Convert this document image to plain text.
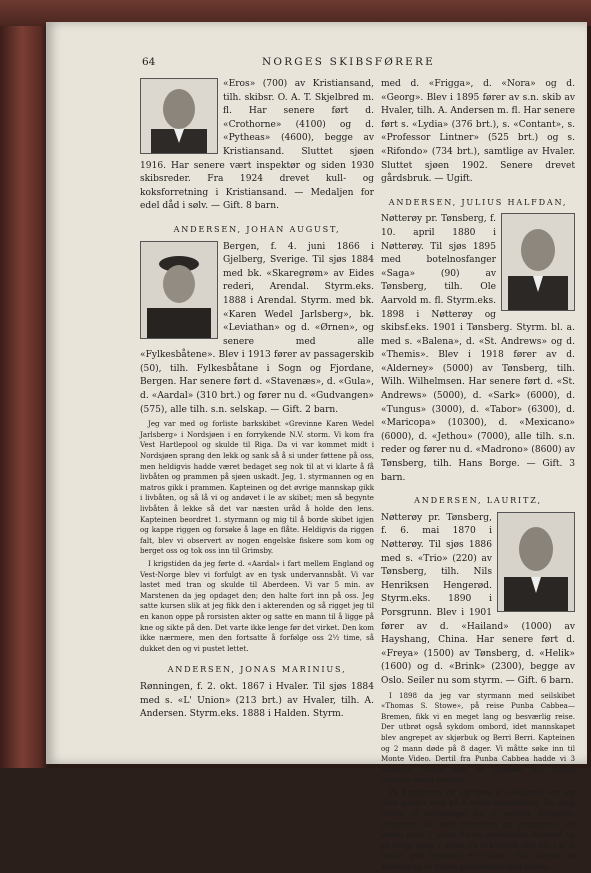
64	NORGES SKIBSFØRERE

«Eros» (700) av Kristiansand, tilh. skibsr. O. A. T. Skjelbred m. fl. Har senere ført d. «Crothorne» (4100) og d. «Pytheas» (4600), begge av Kristiansand. Sluttet sjøen 1916. Har senere vært inspektør og siden 1930 skibsreder. Fra 1924 drevet kull- og koksforretning i Kristiansand. — Medaljen for edel dåd i sølv. — Gift. 8 barn.

ANDERSEN, JOHAN AUGUST,

Bergen, f. 4. juni 1866 i Gjelberg, Sverige. Til sjøs 1884 med bk. «Skaregrøm» av Eides rederi, Arendal. Styrm.eks. 1888 i Arendal. Styrm. med bk. «Karen Wedel Jarlsberg», bk. «Leviathan» og d. «Ørnen», og senere med alle «Fylkesbåtene». Blev i 1913 fører av passagerskib (50), tilh. Fylkesbåtane i Sogn og Fjordane, Bergen. Har senere ført d. «Stavenæs», d. «Gula», d. «Aardal» (310 brt.) og fører nu d. «Gudvangen» (575), alle tilh. s.n. selskap. — Gift. 2 barn.

Jeg var med og forliste barkskibet «Grevinne Karen Wedel Jarlsberg» i Nordsjøen i en forrykende N.V. storm. Vi kom fra Vest Hartlepool og skulde til Riga. Da vi var kommet midt i Nordsjøen sprang den lekk og sank så å si under føttene på oss, men heldigvis hadde været bedaget seg nok til at vi klarte å få livbåten og prammen på sjøen uskadt. Jeg, 1. styrmannen og en matros gikk i prammen. Kapteinen og det øvrige mannskap gikk i livbåten, og så lå vi og andøvet i le av skibet; men så begynte livbåten å lekke så det var næsten uråd å holde den lens. Kapteinen beordret 1. styrmann og mig til å borde skibet igjen og kappe riggen og forsøke å lage en flåte. Heldigvis da riggen falt, blev vi observert av nogen engelske fiskere som kom og berget oss og tok oss inn til Grimsby.

I krigstiden da jeg førte d. «Aardal» i fart mellem England og Vest-Norge blev vi forfulgt av en tysk undervannsbåt. Vi var lastet med tran og skulde til Aberdeen. Vi var 5 min. av Marstenen da jeg opdaget den; den halte fort inn på oss. Jeg satte kursen slik at jeg fikk den i akterenden og så rigget jeg til en kanon oppe på rorsisten akter og satte en mann til å ligge på kne og sikte på den. Det varte ikke lenge før det virket. Den kom ikke nærmere, men den fortsatte å forfølge oss 2½ time, så dukket den og vi pustet lettet.

ANDERSEN, JONAS MARINIUS,

Rønningen, f. 2. okt. 1867 i Hvaler. Til sjøs 1884 med s. «L' Union» (213 brt.) av Hvaler, tilh. A. Andersen. Styrm.eks. 1888 i Halden. Styrm.

med d. «Frigga», d. «Nora» og d. «Georg». Blev i 1895 fører av s.n. skib av Hvaler, tilh. A. Andersen m. fl. Har senere ført s. «Lydia» (376 brt.), s. «Contant», s. «Professor Lintner» (525 brt.) og s. «Rifondo» (734 brt.), samtlige av Hvaler. Sluttet sjøen 1902. Senere drevet gårdsbruk. — Ugift.

ANDERSEN, JULIUS HALFDAN,

Nøtterøy pr. Tønsberg, f. 10. april 1880 i Nøtterøy. Til sjøs 1895 med botelnosfanger «Saga» (90) av Tønsberg, tilh. Ole Aarvold m. fl. Styrm.eks. 1898 i Nøtterøy og skibsf.eks. 1901 i Tønsberg. Styrm. bl. a. med s. «Balena», d. «St. Andrews» og d. «Themis». Blev i 1918 fører av d. «Alderney» (5000) av Tønsberg, tilh. Wilh. Wilhelmsen. Har senere ført d. «St. Andrews» (5000), d. «Sark» (6000), d. «Tungus» (3000), d. «Tabor» (6300), d. «Maricopa» (10300), d. «Mexicano» (6000), d. «Jethou» (7000), alle tilh. s.n. reder og fører nu d. «Madrono» (8600) av Tønsberg, tilh. Hans Borge. — Gift. 3 barn.

ANDERSEN, LAURITZ,

Nøtterøy pr. Tønsberg, f. 6. mai 1870 i Nøtterøy. Til sjøs 1886 med s. «Trio» (220) av Tønsberg, tilh. Nils Henriksen Hengerød. Styrm.eks. 1890 i Porsgrunn. Blev i 1901 fører av d. «Hailand» (1000) av Hayshang, China. Har senere ført d. «Freya» (1500) av Tønsberg, d. «Helik» (1600) og d. «Brink» (2300), begge av Oslo. Seiler nu som styrm. — Gift. 6 barn.

I 1898 da jeg var styrmann med seilskibet «Thomas S. Stowe», på reise Punba Cabbea—Bremen, fikk vi en meget lang og besværlig reise. Der utbrøt også sykdom ombord, idet mannskapet blev angrepet av skjørbuk og Berri Berri. Kapteinen og 2 mann døde på 8 dager. Vi måtte søke inn til Monte Video. Dertil fra Punba Cabbea hadde vi 3 måneder. Skibet som var jernskib blev meget begrodd under bunnen.

På Kinakysten da jeg førte d. «Hailand» var jeg flere ganger med på å redde mannskaper. En gang reddet vi mannskapet fra et engelsk dampskib, tilsammen 45 med mannskap og passagerer. En annen gang 7 mann fra en amerikansk skonnert og en tredje gang 7 mann fra et kinesisk skib efter at vi hadde gått gjennem en cyklon. Fikk herfor en kinesisk og en fransk guldmedalje med diplom.
